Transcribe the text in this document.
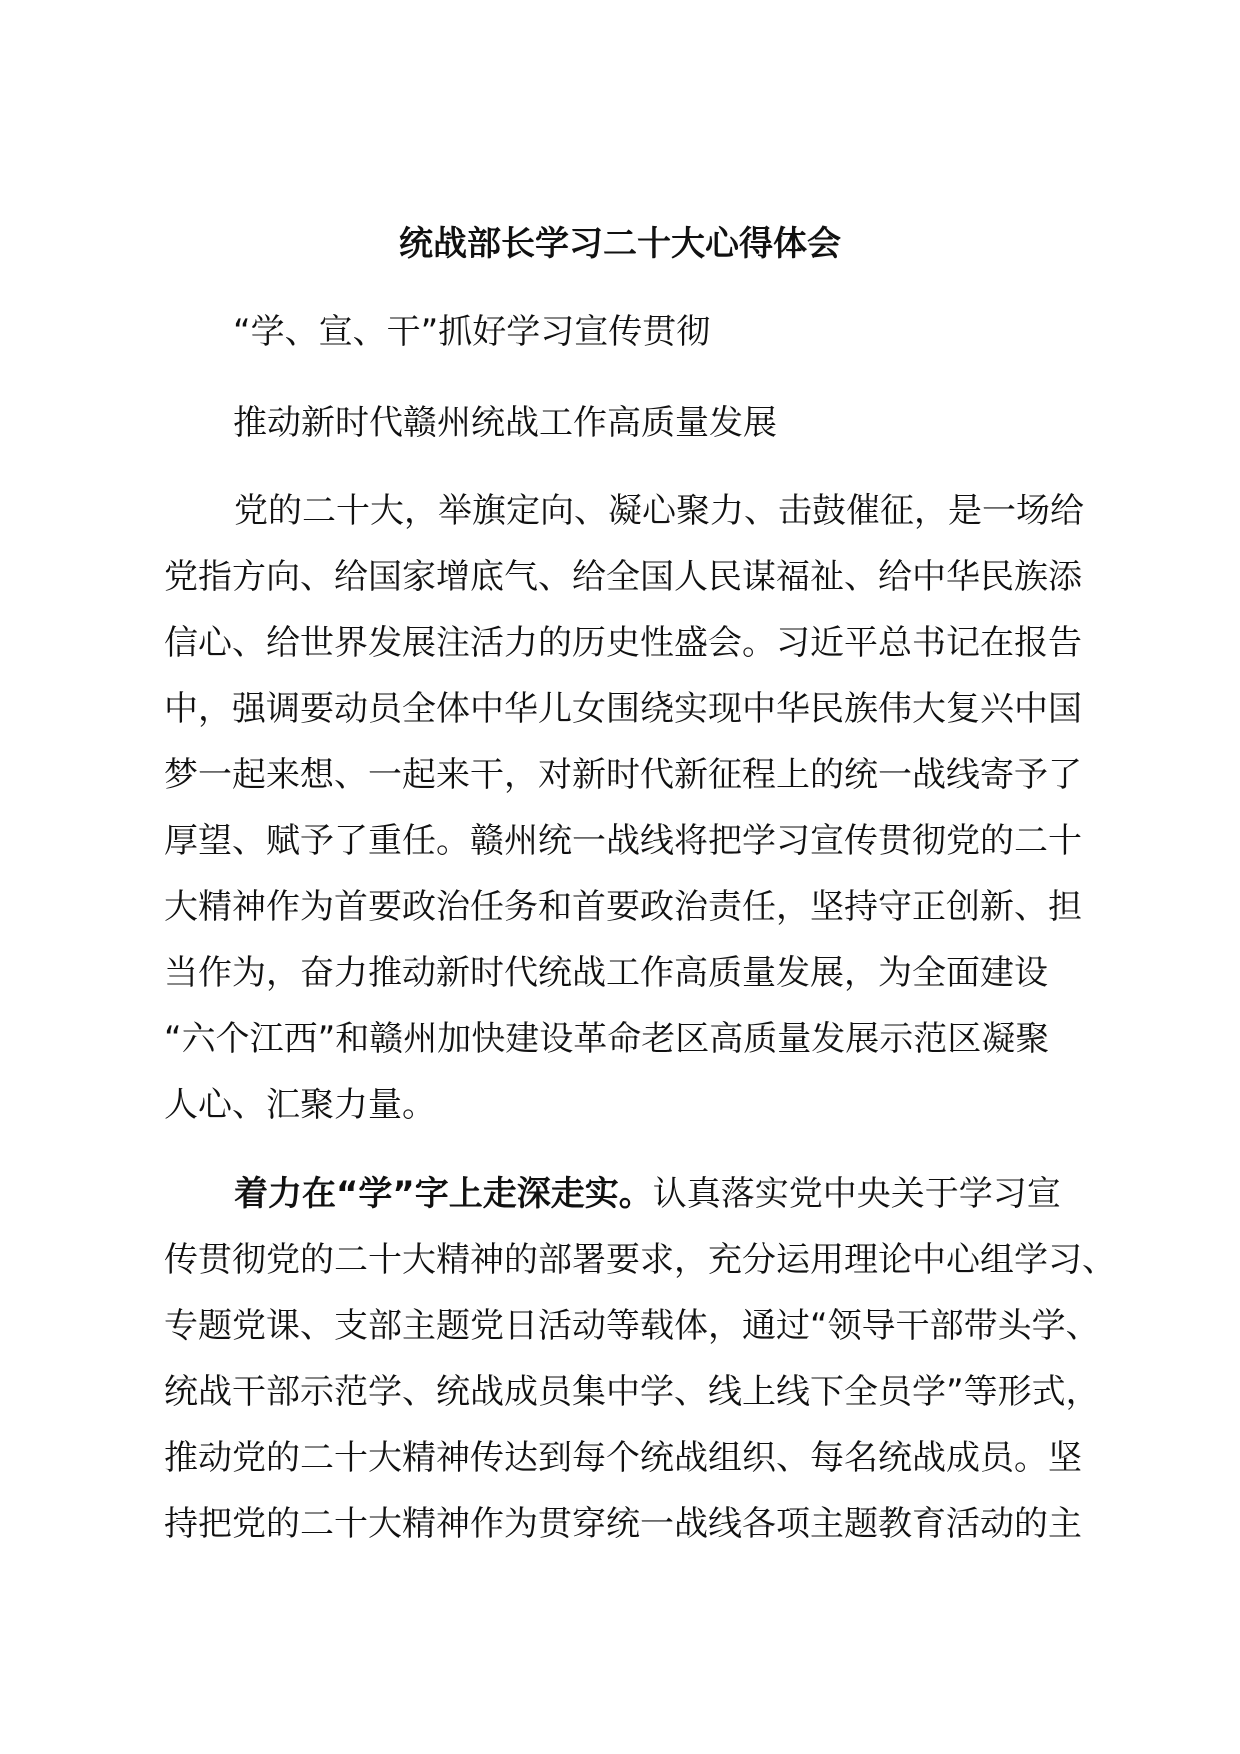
统战部长学习二十大心得体会
“学、宣、干”抓好学习宣传贯彻
推动新时代赣州统战工作高质量发展
党的二十大，举旗定向、凝心聚力、击鼓催征，是一场给
党指方向、给国家增底气、给全国人民谋福祉、给中华民族添
信心、给世界发展注活力的历史性盛会。习近平总书记在报告
中，强调要动员全体中华儿女围绕实现中华民族伟大复兴中国
梦一起来想、一起来干，对新时代新征程上的统一战线寄予了
厚望、赋予了重任。赣州统一战线将把学习宣传贯彻党的二十
大精神作为首要政治任务和首要政治责任，坚持守正创新、担
当作为，奋力推动新时代统战工作高质量发展，为全面建设
“六个江西”和赣州加快建设革命老区高质量发展示范区凝聚
人心、汇聚力量。
着力在“学”字上走深走实。认真落实党中央关于学习宣
传贯彻党的二十大精神的部署要求，充分运用理论中心组学习、
专题党课、支部主题党日活动等载体，通过“领导干部带头学、
统战干部示范学、统战成员集中学、线上线下全员学”等形式，
推动党的二十大精神传达到每个统战组织、每名统战成员。坚
持把党的二十大精神作为贯穿统一战线各项主题教育活动的主
